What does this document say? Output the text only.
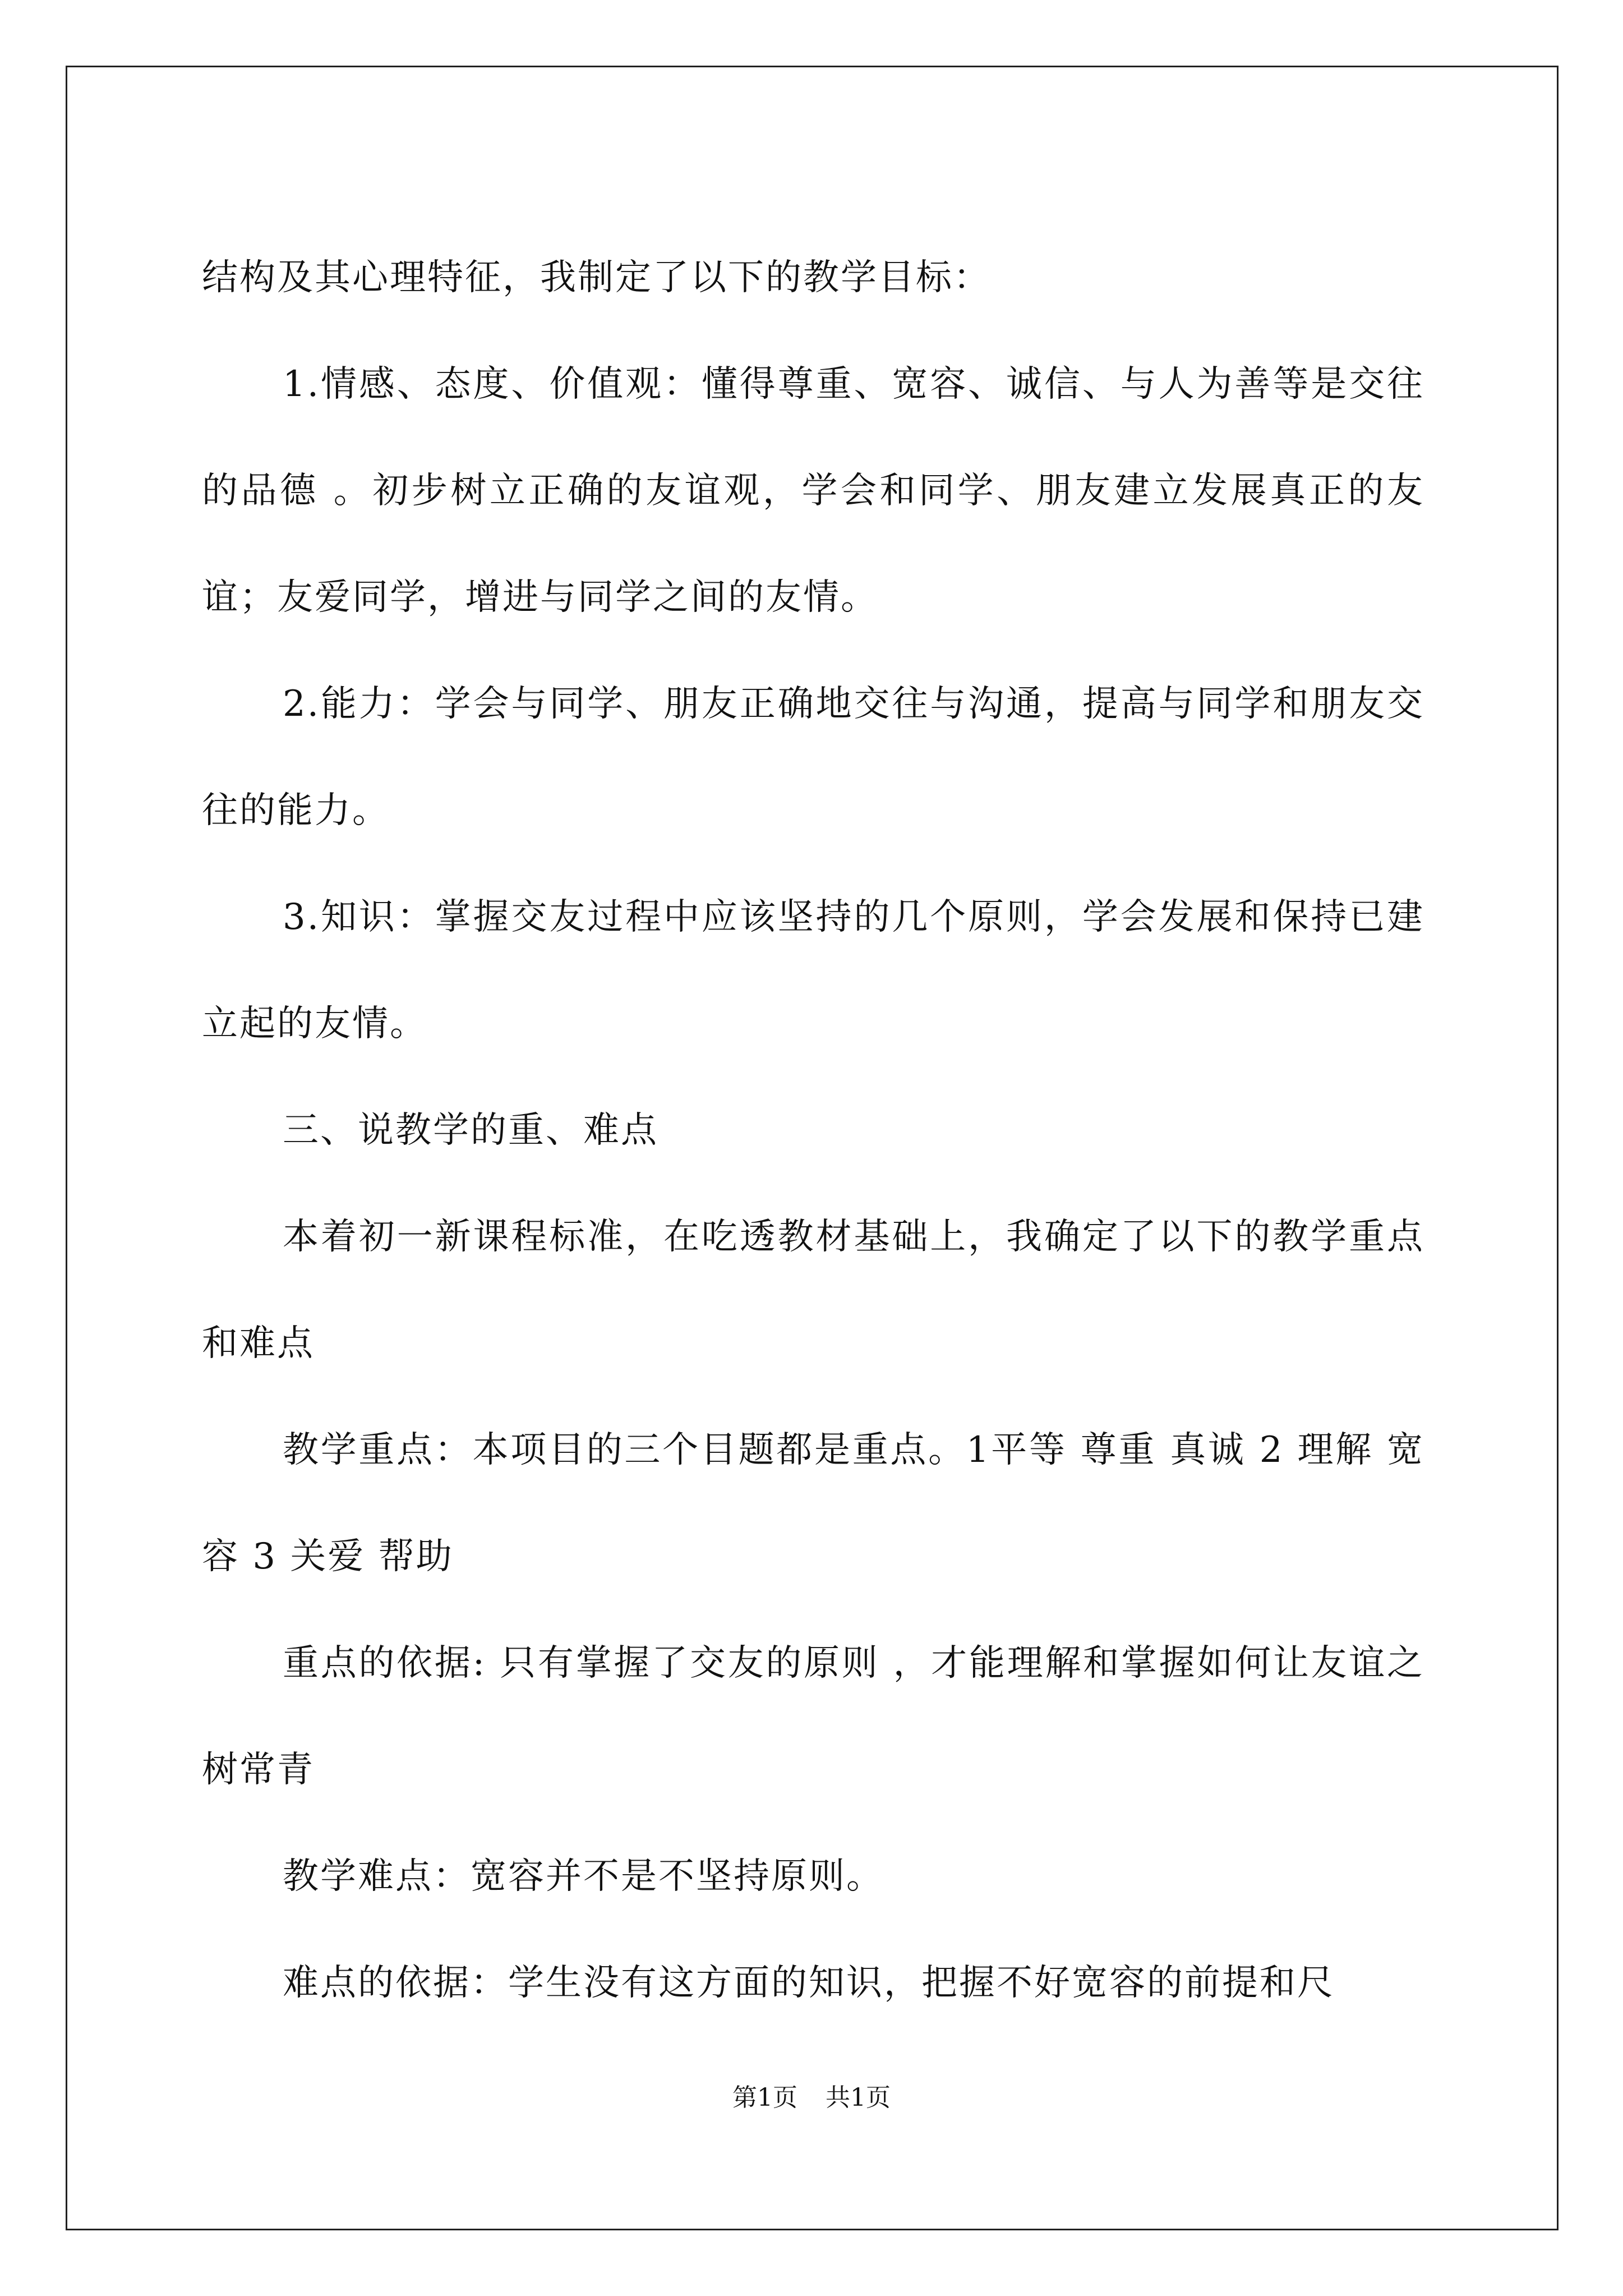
结构及其心理特征，我制定了以下的教学目标：

1.情感、态度、价值观：懂得尊重、宽容、诚信、与人为善等是交往的品德 。初步树立正确的友谊观，学会和同学、朋友建立发展真正的友谊；友爱同学，增进与同学之间的友情。

2.能力：学会与同学、朋友正确地交往与沟通，提高与同学和朋友交往的能力。

3.知识：掌握交友过程中应该坚持的几个原则，学会发展和保持已建立起的友情。

三、说教学的重、难点

本着初一新课程标准，在吃透教材基础上，我确定了以下的教学重点和难点

教学重点：本项目的三个目题都是重点。1平等 尊重 真诚 2 理解 宽容 3 关爱 帮助

重点的依据: 只有掌握了交友的原则 ，才能理解和掌握如何让友谊之树常青

教学难点：宽容并不是不坚持原则。

难点的依据：学生没有这方面的知识，把握不好宽容的前提和尺

第1页 共1页
